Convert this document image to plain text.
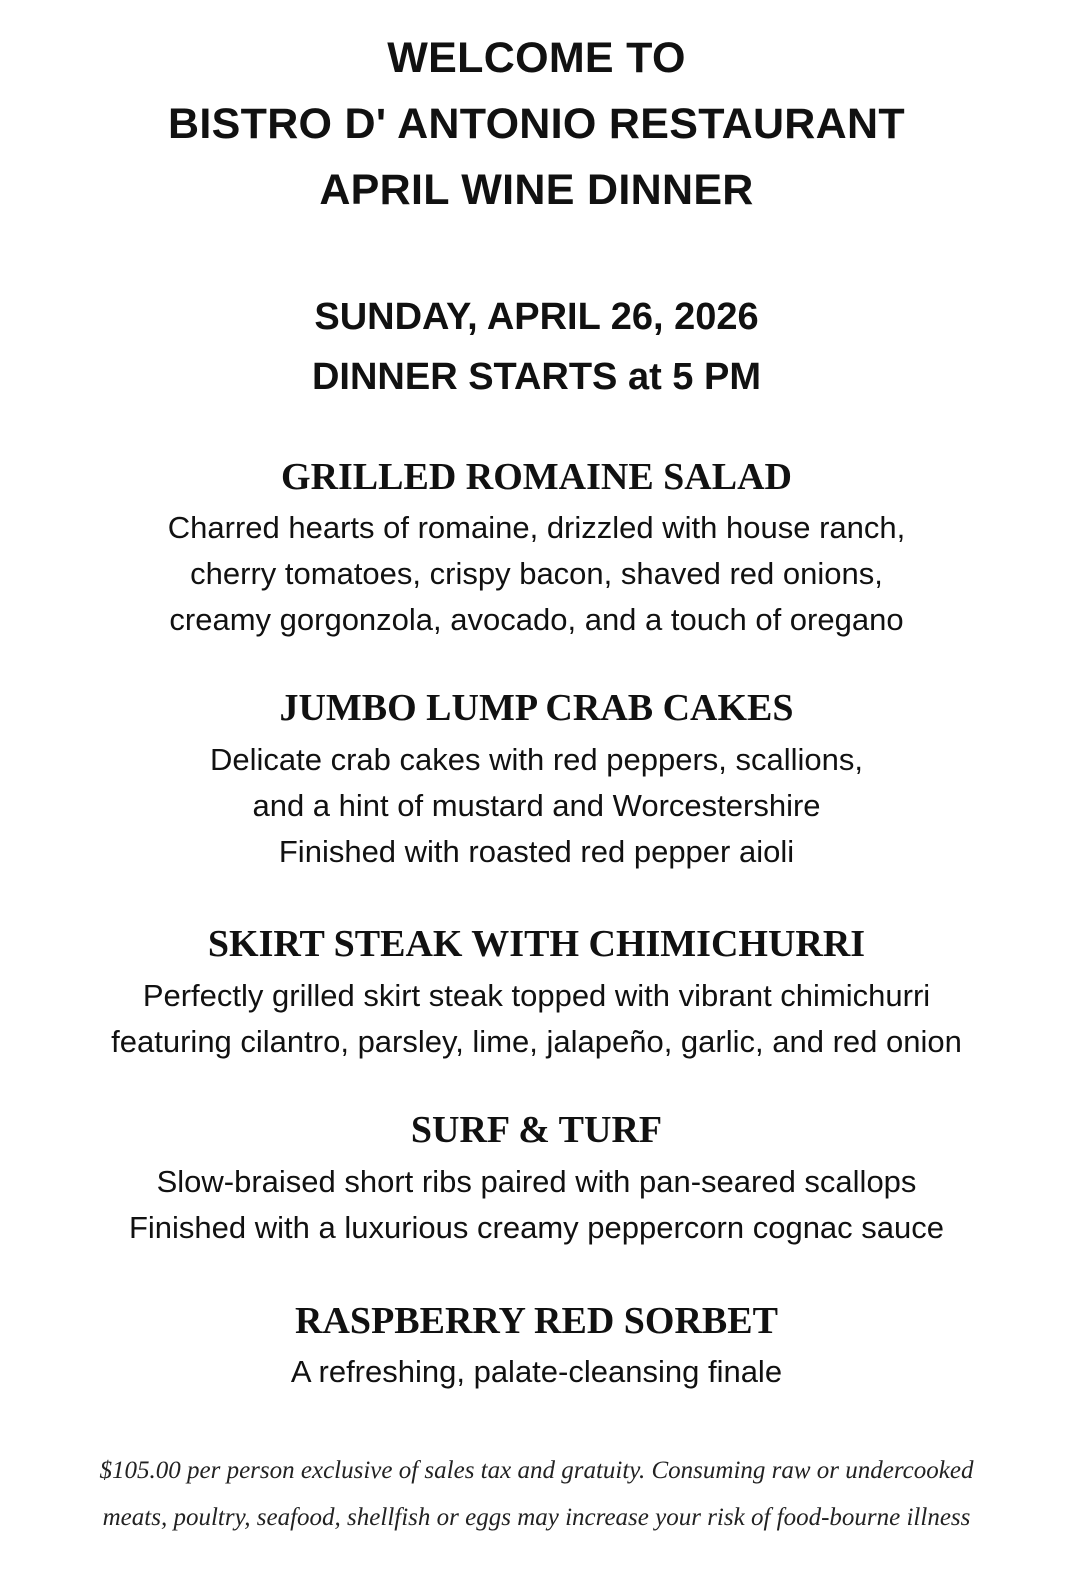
WELCOME TO

BISTRO D' ANTONIO RESTAURANT

APRIL WINE DINNER

SUNDAY, APRIL 26, 2026

DINNER STARTS at 5 PM

GRILLED ROMAINE SALAD

Charred hearts of romaine, drizzled with house ranch,

cherry tomatoes, crispy bacon, shaved red onions,

creamy gorgonzola, avocado, and a touch of oregano

JUMBO LUMP CRAB CAKES

Delicate crab cakes with red peppers, scallions,

and a hint of mustard and Worcestershire

Finished with roasted red pepper aioli

SKIRT STEAK WITH CHIMICHURRI

Perfectly grilled skirt steak topped with vibrant chimichurri

featuring cilantro, parsley, lime, jalapeño, garlic, and red onion

SURF & TURF

Slow-braised short ribs paired with pan-seared scallops

Finished with a luxurious creamy peppercorn cognac sauce

RASPBERRY RED SORBET

A refreshing, palate-cleansing finale

$105.00 per person exclusive of sales tax and gratuity. Consuming raw or undercooked

meats, poultry, seafood, shellfish or eggs may increase your risk of food-bourne illness
